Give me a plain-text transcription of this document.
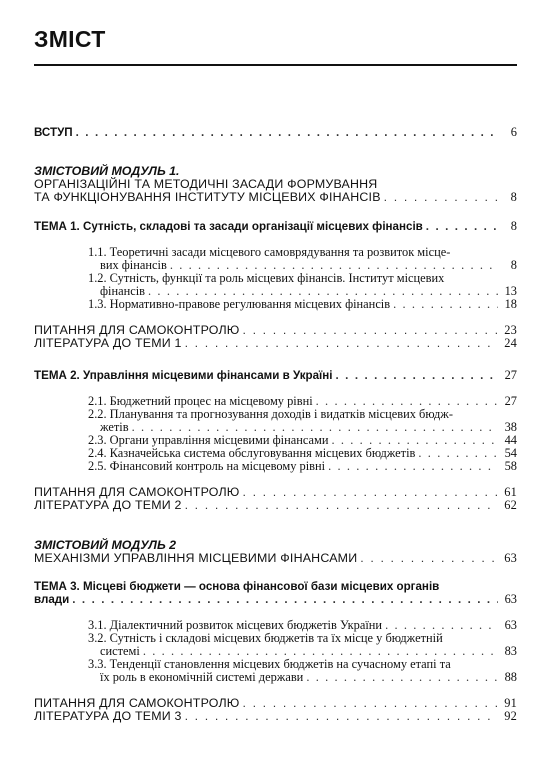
ЗМІСТ
ВСТУП . . .	6
ЗМІСТОВИЙ МОДУЛЬ 1.
ОРГАНІЗАЦІЙНІ ТА МЕТОДИЧНІ ЗАСАДИ ФОРМУВАННЯ
ТА ФУНКЦІОНУВАННЯ ІНСТИТУТУ МІСЦЕВИХ ФІНАНСІВ . . .	8
ТЕМА 1. Сутність, складові та засади організації місцевих фінансів . . .	8
1.1. Теоретичні засади місцевого самоврядування та розвиток місце-
вих фінансів . . .	8
1.2. Сутність, функції та роль місцевих фінансів. Інститут місцевих
фінансів . . .	13
1.3. Нормативно-правове регулювання місцевих фінансів . . .	18
ПИТАННЯ ДЛЯ САМОКОНТРОЛЮ . . .	23
ЛІТЕРАТУРА ДО ТЕМИ 1 . . .	24
ТЕМА 2. Управління місцевими фінансами в Україні . . .	27
2.1. Бюджетний процес на місцевому рівні . . .	27
2.2. Планування та прогнозування доходів і видатків місцевих бюдж-
жетів . . .	38
2.3. Органи управління місцевими фінансами . . .	44
2.4. Казначейська система обслуговування місцевих бюджетів . . .	54
2.5. Фінансовий контроль на місцевому рівні . . .	58
ПИТАННЯ ДЛЯ САМОКОНТРОЛЮ . . .	61
ЛІТЕРАТУРА ДО ТЕМИ 2 . . .	62
ЗМІСТОВИЙ МОДУЛЬ 2
МЕХАНІЗМИ УПРАВЛІННЯ МІСЦЕВИМИ ФІНАНСАМИ . . .	63
ТЕМА 3. Місцеві бюджети — основа фінансової бази місцевих органів
влади . . .	63
3.1. Діалектичний розвиток місцевих бюджетів України . . .	63
3.2. Сутність і складові місцевих бюджетів та їх місце у бюджетній
системі . . .	83
3.3. Тенденції становлення місцевих бюджетів на сучасному етапі та
їх роль в економічній системі держави . . .	88
ПИТАННЯ ДЛЯ САМОКОНТРОЛЮ . . .	91
ЛІТЕРАТУРА ДО ТЕМИ 3 . . .	92
